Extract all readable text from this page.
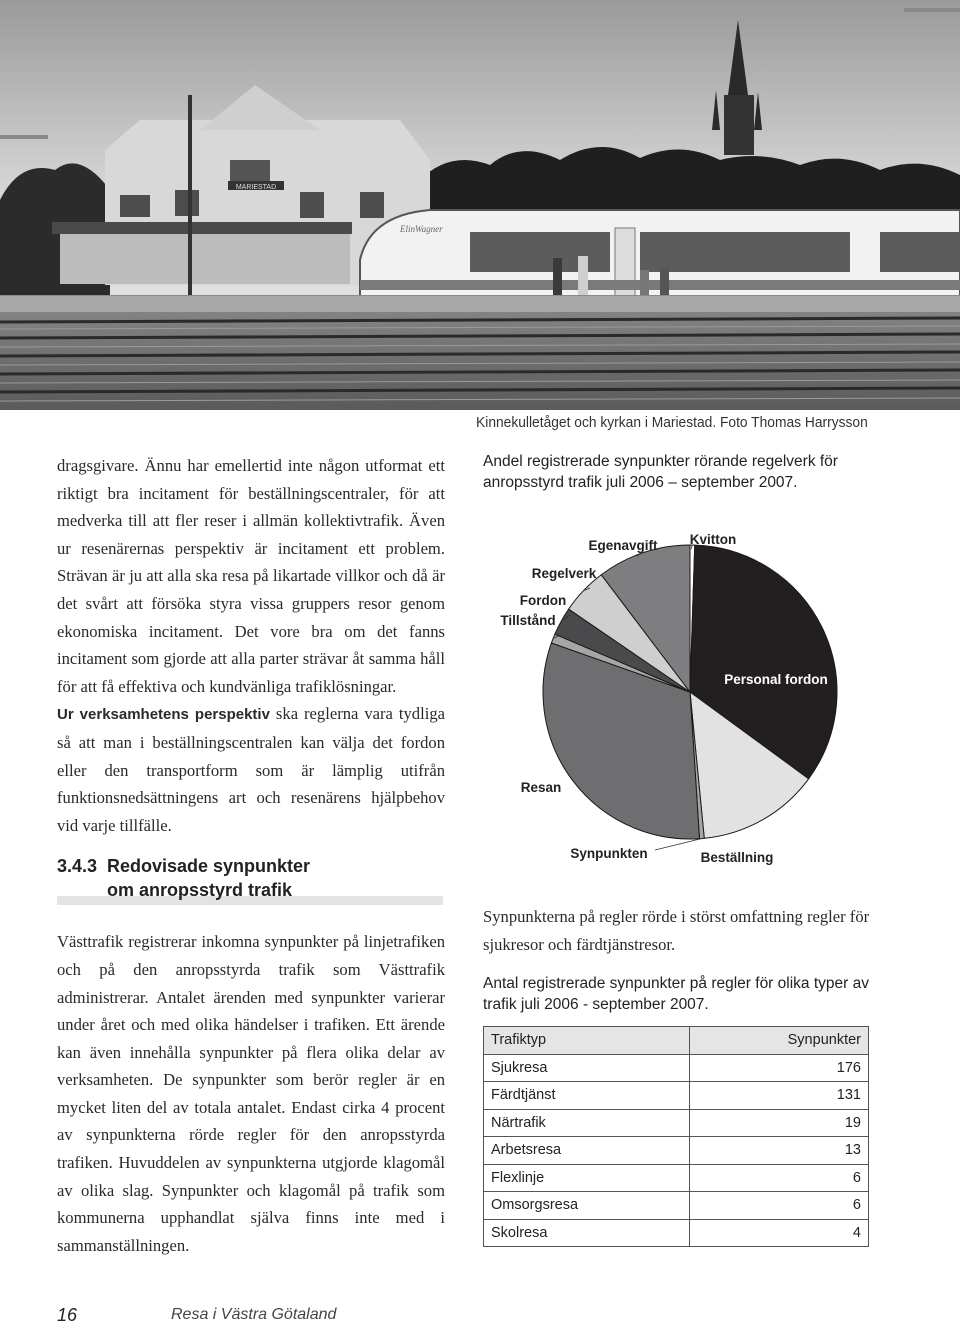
MARIESTAD
ElinWagner
Kinnekulletåget och kyrkan i Mariestad. Foto Thomas Harrysson

dragsgivare. Ännu har emellertid inte någon utformat ett riktigt bra incitament för beställningscentraler, för att medverka till att fler reser i allmän kollektivtrafik. Även ur resenärernas perspektiv är incitament ett problem. Strävan är ju att alla ska resa på likartade villkor och då är det svårt att försöka styra vissa gruppers resor genom ekonomiska incitament. Det vore bra om det fanns incitament som gjorde att alla parter strävar åt samma håll för att få effektiva och kundvänliga trafiklösningar.

Ur verksamhetens perspektiv ska reglerna vara tydliga så att man i beställningscentralen kan välja det fordon eller den transportform som är lämplig utifrån funktionsnedsättningens art och resenärens hjälpbehov vid varje tillfälle.

3.4.3 Redovisade synpunkter
om anropsstyrd trafik

Västtrafik registrerar inkomna synpunkter på linjetrafiken och på den anropsstyrda trafik som Västtrafik administrerar. Antalet ärenden med synpunkter varierar under året och med olika händelser i trafiken. Ett ärende kan även innehålla synpunkter på flera olika delar av verksamheten. De synpunkter som berör regler är en mycket liten del av totala antalet. Endast cirka 4 procent av synpunkterna rörde regler för den anropsstyrda trafiken. Huvuddelen av synpunkterna utgjorde klagomål av olika slag. Synpunkter och klagomål på trafik som kommunerna upphandlat själva finns inte med i sammanställningen.

16	Resa i Västra Götaland
Andel registrerade synpunkter rörande regelverk för anropsstyrd trafik juli 2006 – september 2007.
Kvitton
Personal fordon
Beställning
Synpunkten
Resan
Tillstånd
Fordon
Regelverk
Egenavgift

Synpunkterna på regler rörde i störst omfattning regler för sjukresor och färdtjänstresor.

Antal registrerade synpunkter på regler för olika typer av trafik juli 2006 - september 2007.
Trafiktyp	Synpunkter
Sjukresa	176
Färdtjänst	131
Närtrafik	19
Arbetsresa	13
Flexlinje	6
Omsorgsresa	6
Skolresa	4
